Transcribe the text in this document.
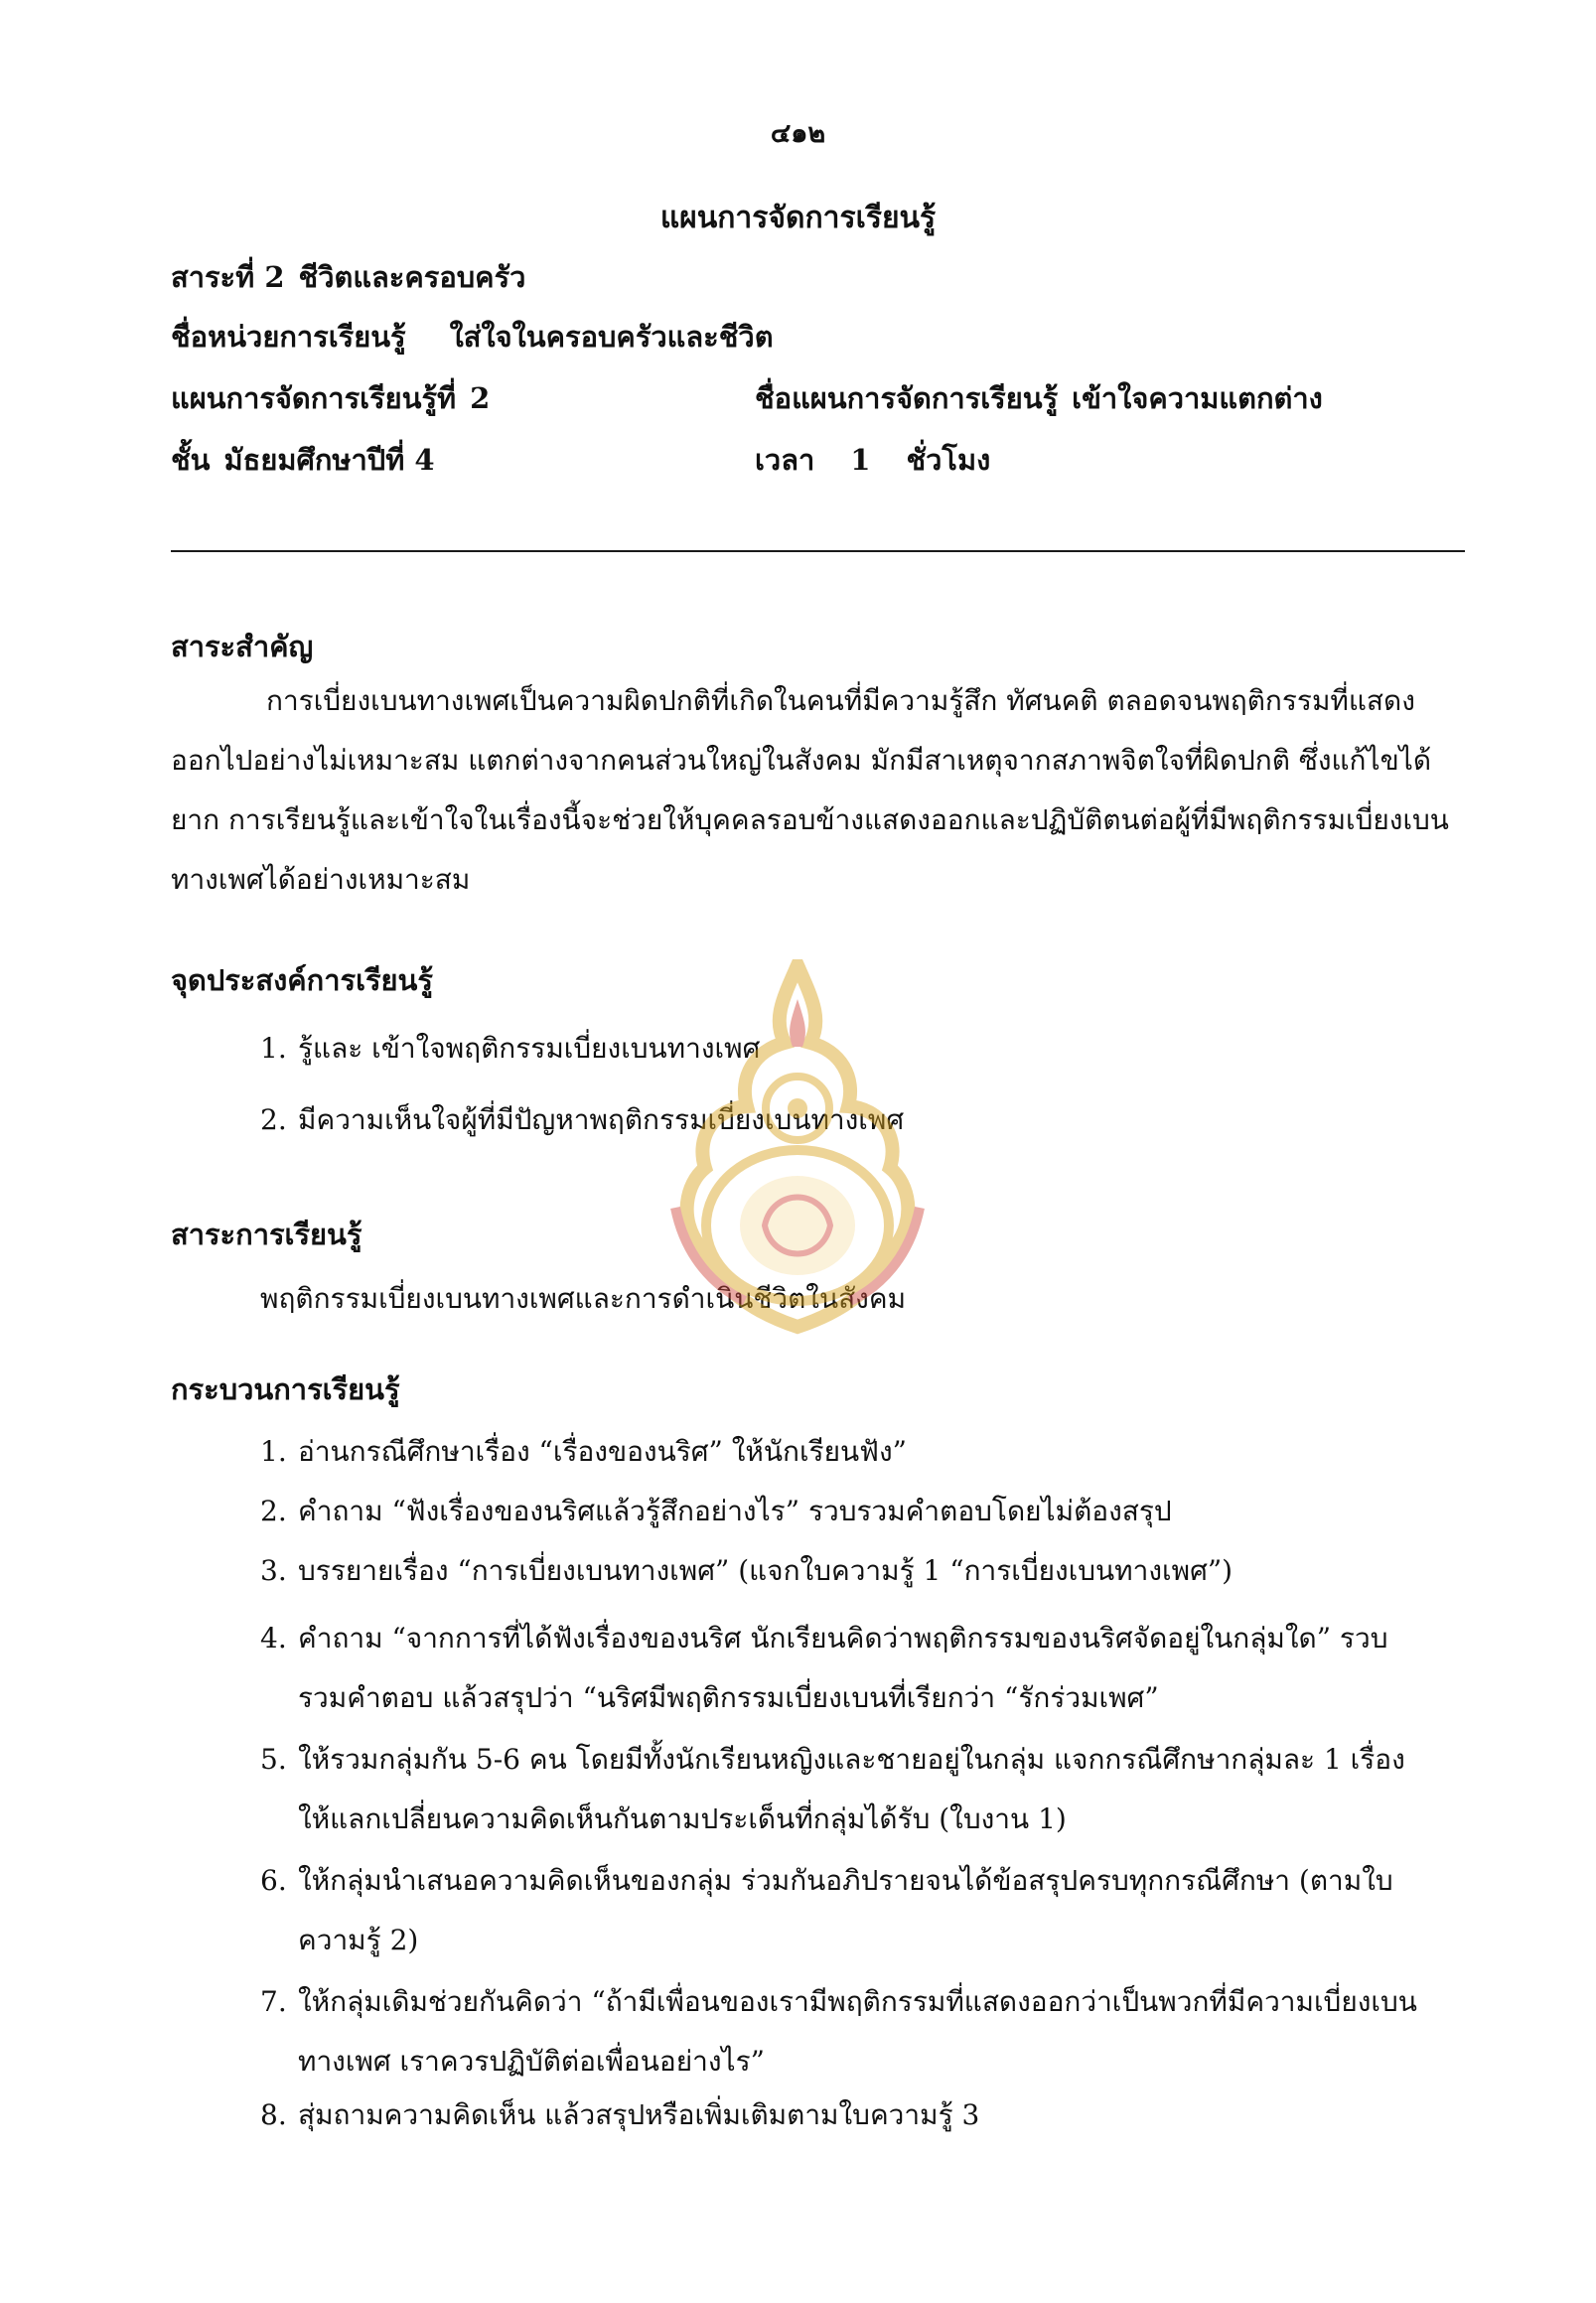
๔๑๒
แผนการจัดการเรียนรู้
สาระที่ 2 ชีวิตและครอบครัว
ชื่อหน่วยการเรียนรู้ ใส่ใจในครอบครัวและชีวิต
แผนการจัดการเรียนรู้ที่ 2	ชื่อแผนการจัดการเรียนรู้ เข้าใจความแตกต่าง
ชั้น มัธยมศึกษาปีที่ 4	เวลา 1 ชั่วโมง
สาระสำคัญ
การเบี่ยงเบนทางเพศเป็นความผิดปกติที่เกิดในคนที่มีความรู้สึก ทัศนคติ ตลอดจนพฤติกรรมที่แสดง
ออกไปอย่างไม่เหมาะสม แตกต่างจากคนส่วนใหญ่ในสังคม มักมีสาเหตุจากสภาพจิตใจที่ผิดปกติ ซึ่งแก้ไขได้
ยาก การเรียนรู้และเข้าใจในเรื่องนี้จะช่วยให้บุคคลรอบข้างแสดงออกและปฏิบัติตนต่อผู้ที่มีพฤติกรรมเบี่ยงเบน
ทางเพศได้อย่างเหมาะสม
จุดประสงค์การเรียนรู้
1. รู้และ เข้าใจพฤติกรรมเบี่ยงเบนทางเพศ
2. มีความเห็นใจผู้ที่มีปัญหาพฤติกรรมเบี่ยงเบนทางเพศ
สาระการเรียนรู้
พฤติกรรมเบี่ยงเบนทางเพศและการดำเนินชีวิตในสังคม
กระบวนการเรียนรู้
1. อ่านกรณีศึกษาเรื่อง “เรื่องของนริศ” ให้นักเรียนฟัง”
2. คำถาม “ฟังเรื่องของนริศแล้วรู้สึกอย่างไร” รวบรวมคำตอบโดยไม่ต้องสรุป
3. บรรยายเรื่อง “การเบี่ยงเบนทางเพศ” (แจกใบความรู้ 1 “การเบี่ยงเบนทางเพศ”)
4. คำถาม “จากการที่ได้ฟังเรื่องของนริศ นักเรียนคิดว่าพฤติกรรมของนริศจัดอยู่ในกลุ่มใด” รวบ
รวมคำตอบ แล้วสรุปว่า “นริศมีพฤติกรรมเบี่ยงเบนที่เรียกว่า “รักร่วมเพศ”
5. ให้รวมกลุ่มกัน 5-6 คน โดยมีทั้งนักเรียนหญิงและชายอยู่ในกลุ่ม แจกกรณีศึกษากลุ่มละ 1 เรื่อง
ให้แลกเปลี่ยนความคิดเห็นกันตามประเด็นที่กลุ่มได้รับ (ใบงาน 1)
6. ให้กลุ่มนำเสนอความคิดเห็นของกลุ่ม ร่วมกันอภิปรายจนได้ข้อสรุปครบทุกกรณีศึกษา (ตามใบ
ความรู้ 2)
7. ให้กลุ่มเดิมช่วยกันคิดว่า “ถ้ามีเพื่อนของเรามีพฤติกรรมที่แสดงออกว่าเป็นพวกที่มีความเบี่ยงเบน
ทางเพศ เราควรปฏิบัติต่อเพื่อนอย่างไร”
8. สุ่มถามความคิดเห็น แล้วสรุปหรือเพิ่มเติมตามใบความรู้ 3
